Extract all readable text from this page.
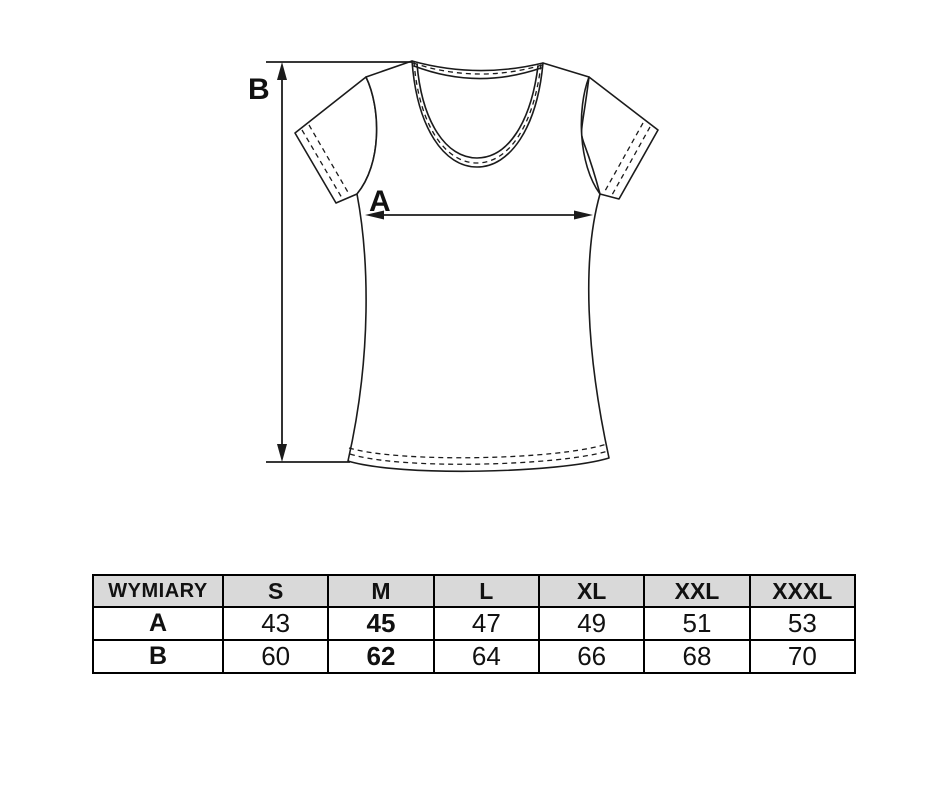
B
A
WYMIARY	S	M	L	XL	XXL	XXXL
A	43	45	47	49	51	53
B	60	62	64	66	68	70
